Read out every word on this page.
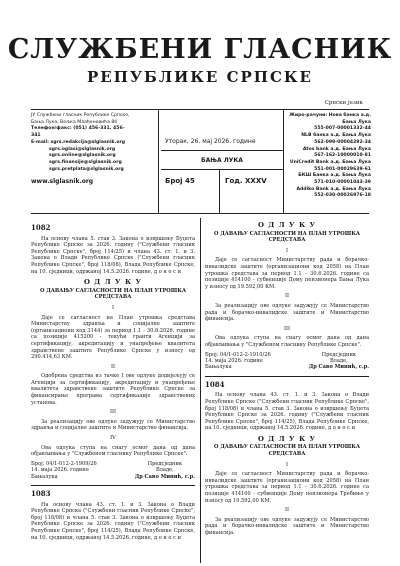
СЛУЖБЕНИ ГЛАСНИК
РЕПУБЛИКЕ СРПСКЕ
Српски језик
ЈУ Службени гласник Републике Српске,
Бања Лука, Вељка Млађеновића 8б
Телефон/факс: (051) 456-331, 456-341
E-mail: sgrs.redakcija@slglasnik.org
sgrs.oglasi@slglasnik.org
sgrs.online@slglasnik.org
sgrs.finansije@slglasnik.org
sgrs.pretplata@slglasnik.org
www.slglasnik.org
Уторак, 26. мај 2026. године
БАЊА ЛУКА
Број 45	Год. XXXV
Жиро-рачуни: Нова банка а.д. Бања Лука
555-007-00001332-44
NLB банка а.д. Бања Лука
562-099-00004292-34
Atos bank a.д. Бања Лука
567-162-10000010-81
UniCredit Bank а.д. Бања Лука
551-001-00029639-61
БКШ Банка а.д. Бања Лука
571-010-00001043-39
Addiko Bank а.д. Бања Лука
552-030-00026976-18
1082
На основу члана 5. став 3. Закона о извршењу Буџета Републике Српске за 2026. годину ("Службени гласник Републике Српске", број 114/25) и члана 43. ст. 1. и 3. Закона о Влади Републике Српске ("Службени гласник Републике Српске", број 118/08), Влада Републике Српске, на 10. сједници, одржаној 14.5.2026. године, д о н о с и
О Д Л У К У
О ДАВАЊУ САГЛАСНОСТИ НА ПЛАН УТРОШКА СРЕДСТАВА
I
Даје се сагласност на План утрошка средстава Министарству здравља и социјалне заштите (организациони код 3144) за период 1.1 - 30.6.2026. године са позиције 415200 - текући гранти Агенцији за сертификацију, акредитацију и унапређење квалитета здравствене заштите Републике Српске у износу од 290.414,63 КМ.
II
Одобрена средства из тачке I ове одлуке додијељују се Агенцији за сертификацију, акредитацију и унапређење квалитета здравствене заштите Републике Српске за финансирање програма сертификације здравствених установа.
III
За реализацију ове одлуке задужују се Министарство здравља и социјалне заштите и Министарство финансија.
IV
Ова одлука ступа на снагу осмог дана од дана објављивања у "Службеном гласнику Републике Српске".
Број: 04/1-012-2-1909/26
14. маја 2026. године
Бањалука
Предсједник
Владе,
Др Саво Минић, с.р.
1083
На основу члана 43. ст. 1. и 3. Закона о Влади Републике Српске ("Службени гласник Републике Српске", број 118/08) и члана 5. став 3. Закона о извршењу Буџета Републике Српске за 2026. годину ("Службени гласник Републике Српске", број 114/25), Влада Републике Српске, на 10. сједници, одржаној 14.5.2026. године, д о н о с и
О Д Л У К У
О ДАВАЊУ САГЛАСНОСТИ НА ПЛАН УТРОШКА СРЕДСТАВА
I
Даје се сагласност Министарству рада и борачко-инвалидске заштите (организациони код 2058) на План утрошка средстава за период 1.1 - 30.6.2026. године са позиције 414100 - субвенције Дому пензионера Бања Лука у износу од 19.592,00 КМ.
II
За реализацију ове одлуке задужују се Министарство рада и борачко-инвалидске заштите и Министарство финансија.
III
Ова одлука ступа на снагу осмог дана од дана објављивања у "Службеном гласнику Републике Српске".
Број: 04/1-012-2-1910/26
14. маја 2026. године
Бањалука
Предсједник
Владе,
Др Саво Минић, с.р.
1084
На основу члана 43. ст. 1. и 3. Закона о Влади Републике Српске ("Службени гласник Републике Српске", број 118/08) и члана 5. став 3. Закона о извршењу Буџета Републике Српске за 2026. годину ("Службени гласник Републике Српске", број 114/25), Влада Републике Српске, на 10. сједници, одржаној 14.5.2026. године, д о н о с и
О Д Л У К У
О ДАВАЊУ САГЛАСНОСТИ НА ПЛАН УТРОШКА СРЕДСТАВА
I
Даје се сагласност Министарству рада и борачко-инвалидске заштите (организациони код 2058) на План утрошка средстава за период 1.1 - 30.6.2026. године са позиције 414100 - субвенције Дому пензионера Требиње у износу од 19.592,00 КМ.
II
За реализацију ове одлуке задужују се Министарство рада и борачко-инвалидске заштите и Министарство финансија.
